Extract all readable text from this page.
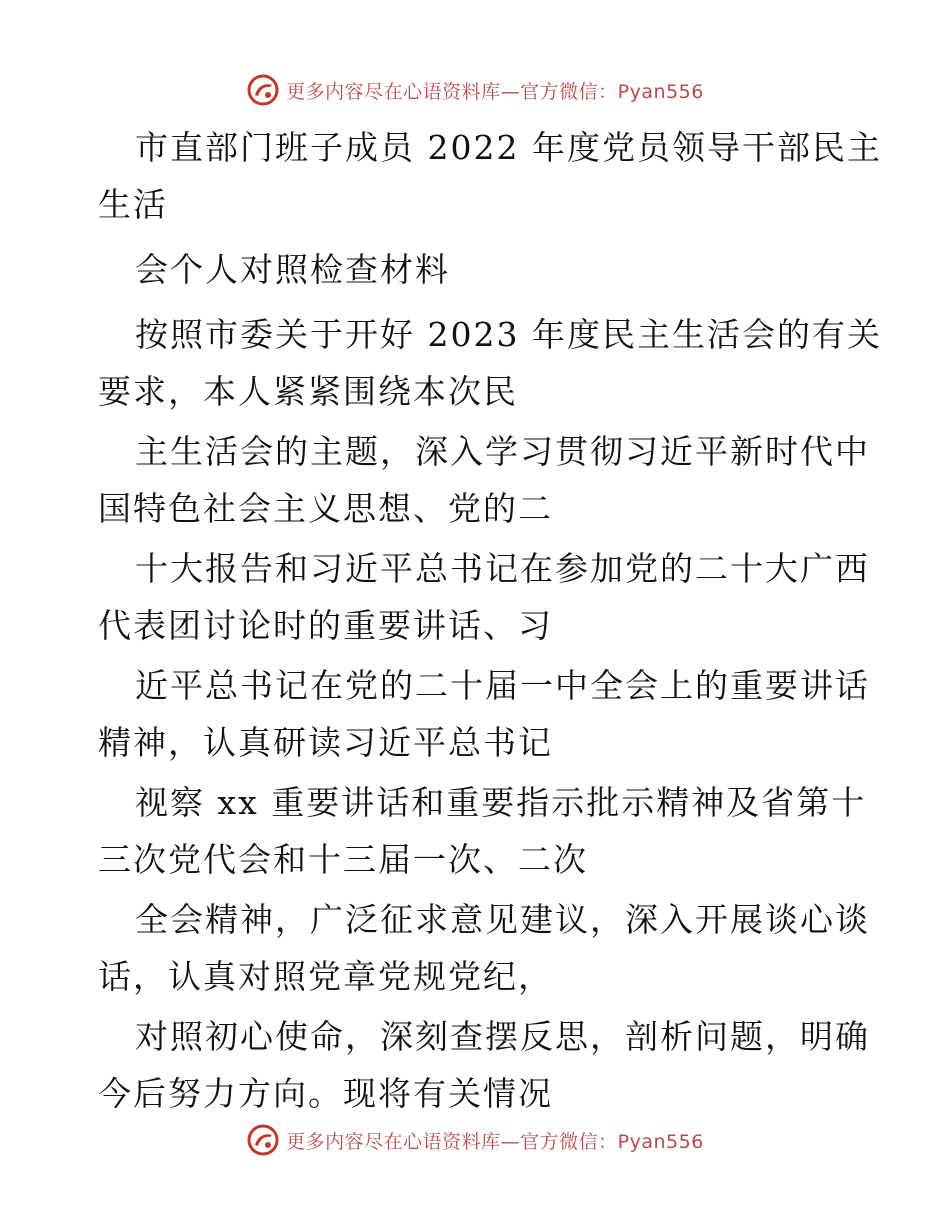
更多内容尽在心语资料库—官方微信：Pyan556
市直部门班子成员 2022 年度党员领导干部民主
生活
会个人对照检查材料
按照市委关于开好 2023 年度民主生活会的有关
要求，本人紧紧围绕本次民
主生活会的主题，深入学习贯彻习近平新时代中
国特色社会主义思想、党的二
十大报告和习近平总书记在参加党的二十大广西
代表团讨论时的重要讲话、习
近平总书记在党的二十届一中全会上的重要讲话
精神，认真研读习近平总书记
视察 xx 重要讲话和重要指示批示精神及省第十
三次党代会和十三届一次、二次
全会精神，广泛征求意见建议，深入开展谈心谈
话，认真对照党章党规党纪，
对照初心使命，深刻查摆反思，剖析问题，明确
今后努力方向。现将有关情况
更多内容尽在心语资料库—官方微信：Pyan556
